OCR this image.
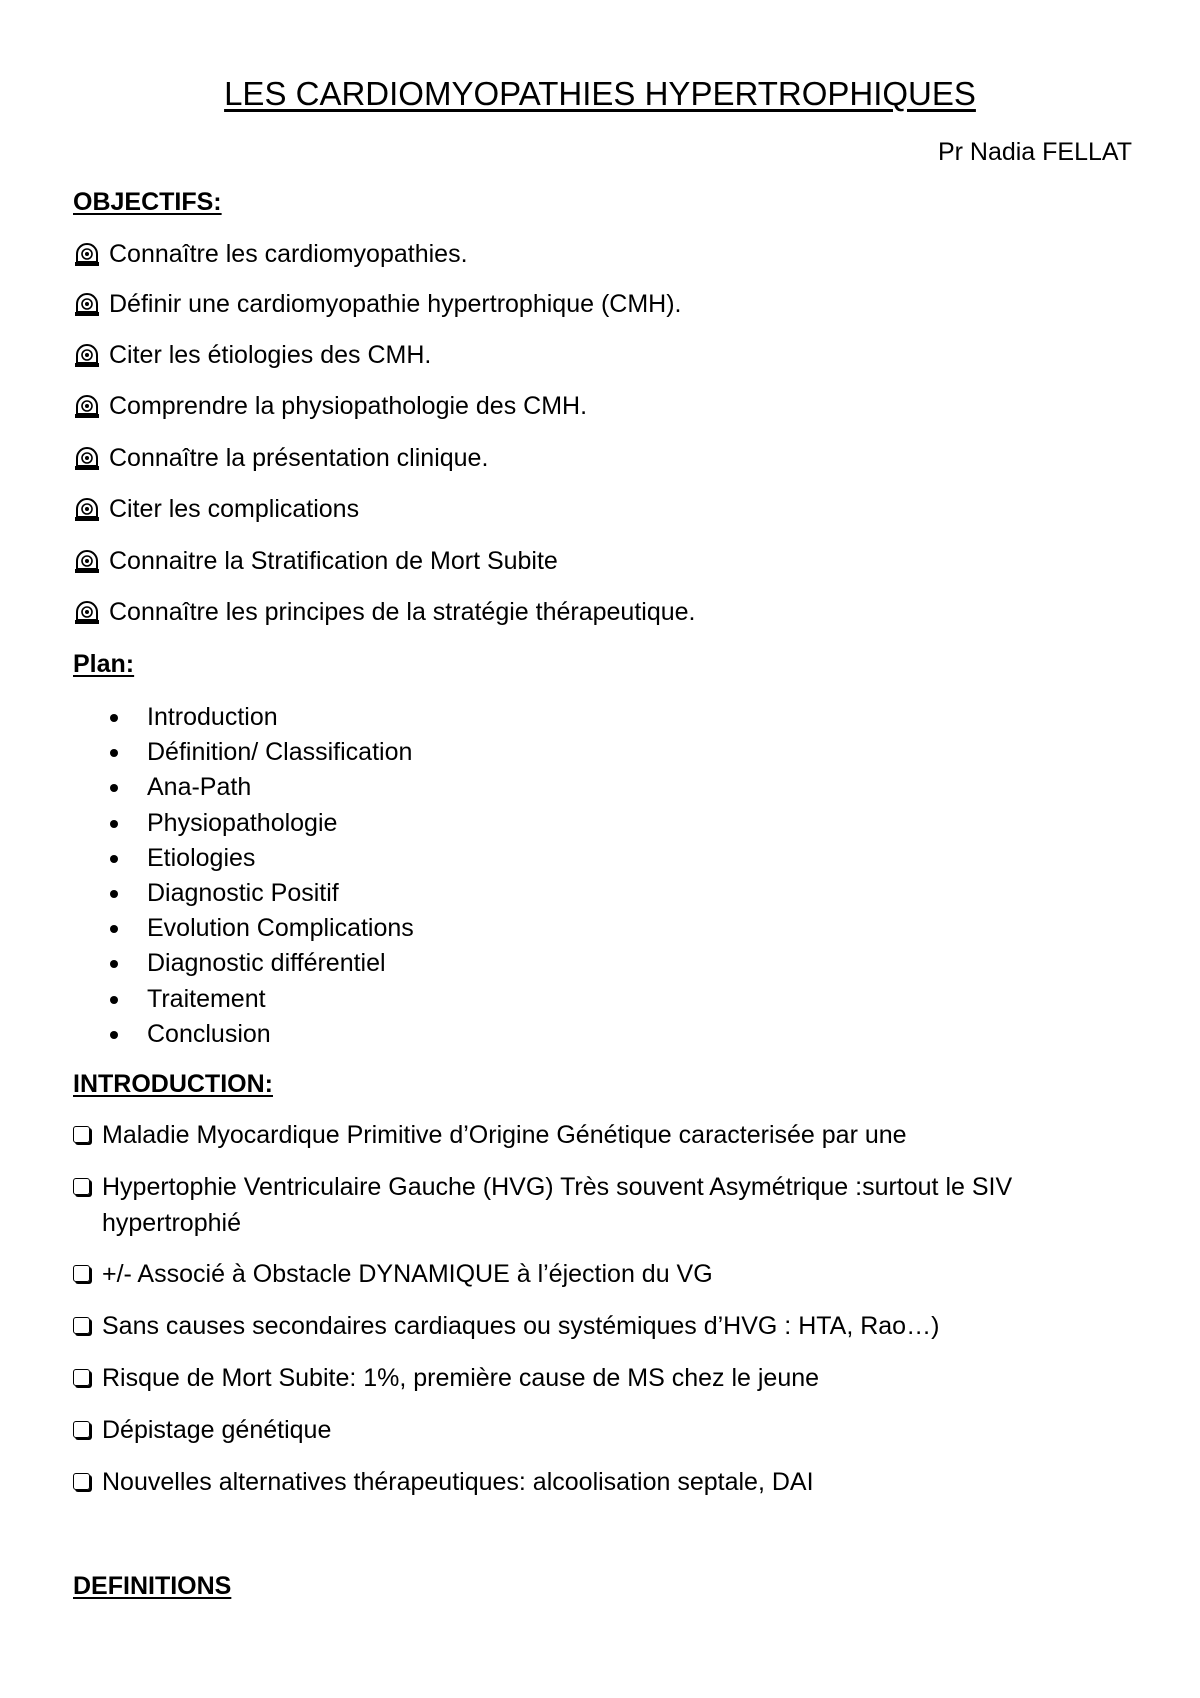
LES CARDIOMYOPATHIES HYPERTROPHIQUES
Pr Nadia FELLAT
OBJECTIFS:
Connaître les cardiomyopathies.
Définir une cardiomyopathie hypertrophique (CMH).
Citer les étiologies des CMH.
Comprendre la physiopathologie des CMH.
Connaître la présentation clinique.
Citer les complications
Connaitre la Stratification de Mort Subite
Connaître les principes de la stratégie thérapeutique.
Plan:
Introduction
Définition/ Classification
Ana-Path
Physiopathologie
Etiologies
Diagnostic Positif
Evolution Complications
Diagnostic différentiel
Traitement
Conclusion
INTRODUCTION:
Maladie Myocardique Primitive d’Origine Génétique caracterisée par une
Hypertophie Ventriculaire Gauche (HVG) Très souvent Asymétrique :surtout le SIV hypertrophié
+/- Associé à Obstacle DYNAMIQUE à l’éjection du VG
Sans causes secondaires cardiaques ou systémiques d’HVG : HTA, Rao…)
Risque de Mort Subite: 1%, première cause de MS chez le jeune
Dépistage génétique
Nouvelles alternatives thérapeutiques: alcoolisation septale, DAI
DEFINITIONS
